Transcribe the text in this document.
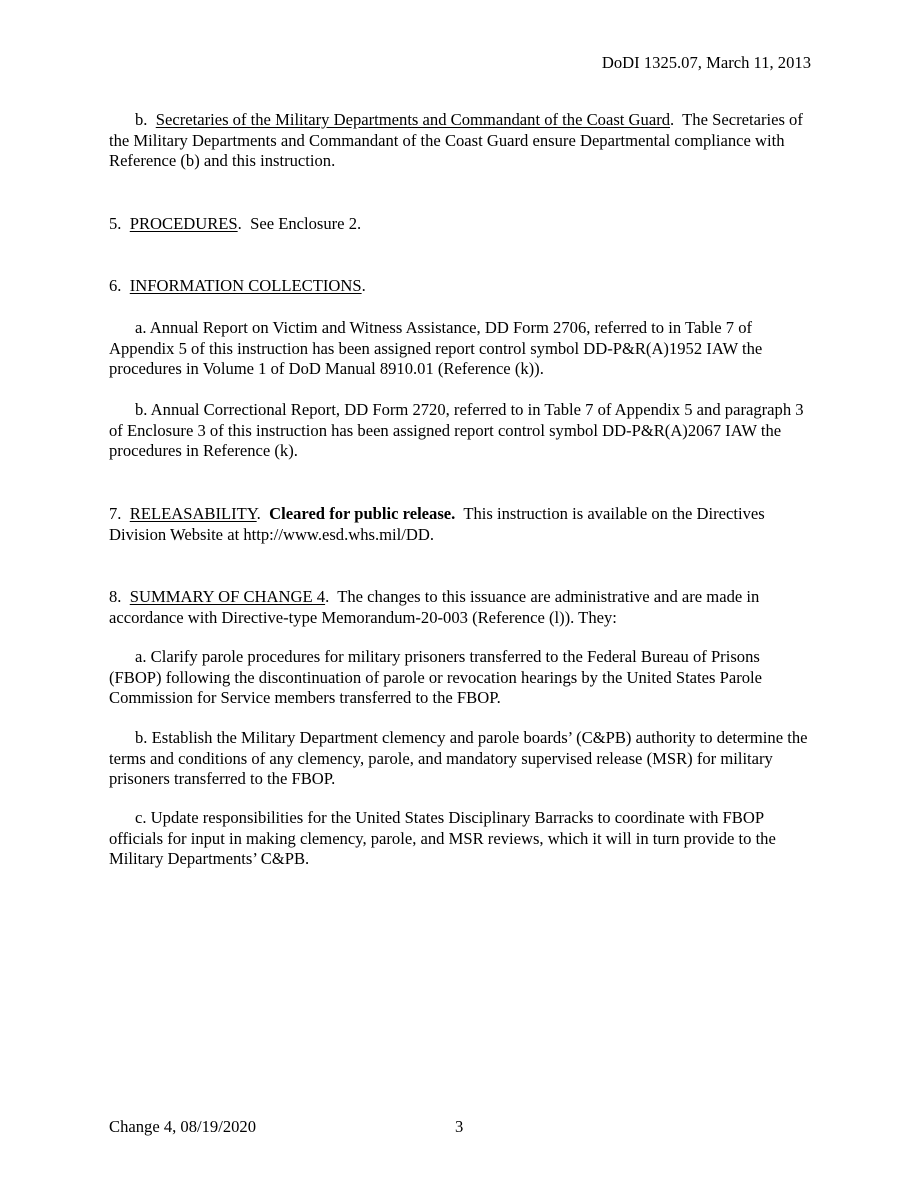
DoDI 1325.07, March 11, 2013

b. Secretaries of the Military Departments and Commandant of the Coast Guard. The Secretaries of the Military Departments and Commandant of the Coast Guard ensure Departmental compliance with Reference (b) and this instruction.

5. PROCEDURES. See Enclosure 2.

6. INFORMATION COLLECTIONS.

a. Annual Report on Victim and Witness Assistance, DD Form 2706, referred to in Table 7 of Appendix 5 of this instruction has been assigned report control symbol DD-P&R(A)1952 IAW the procedures in Volume 1 of DoD Manual 8910.01 (Reference (k)).

b. Annual Correctional Report, DD Form 2720, referred to in Table 7 of Appendix 5 and paragraph 3 of Enclosure 3 of this instruction has been assigned report control symbol DD-P&R(A)2067 IAW the procedures in Reference (k).

7. RELEASABILITY. Cleared for public release. This instruction is available on the Directives Division Website at http://www.esd.whs.mil/DD.

8. SUMMARY OF CHANGE 4. The changes to this issuance are administrative and are made in accordance with Directive-type Memorandum-20-003 (Reference (l)). They:

a. Clarify parole procedures for military prisoners transferred to the Federal Bureau of Prisons (FBOP) following the discontinuation of parole or revocation hearings by the United States Parole Commission for Service members transferred to the FBOP.

b. Establish the Military Department clemency and parole boards’ (C&PB) authority to determine the terms and conditions of any clemency, parole, and mandatory supervised release (MSR) for military prisoners transferred to the FBOP.

c. Update responsibilities for the United States Disciplinary Barracks to coordinate with FBOP officials for input in making clemency, parole, and MSR reviews, which it will in turn provide to the Military Departments’ C&PB.

Change 4, 08/19/2020	3
